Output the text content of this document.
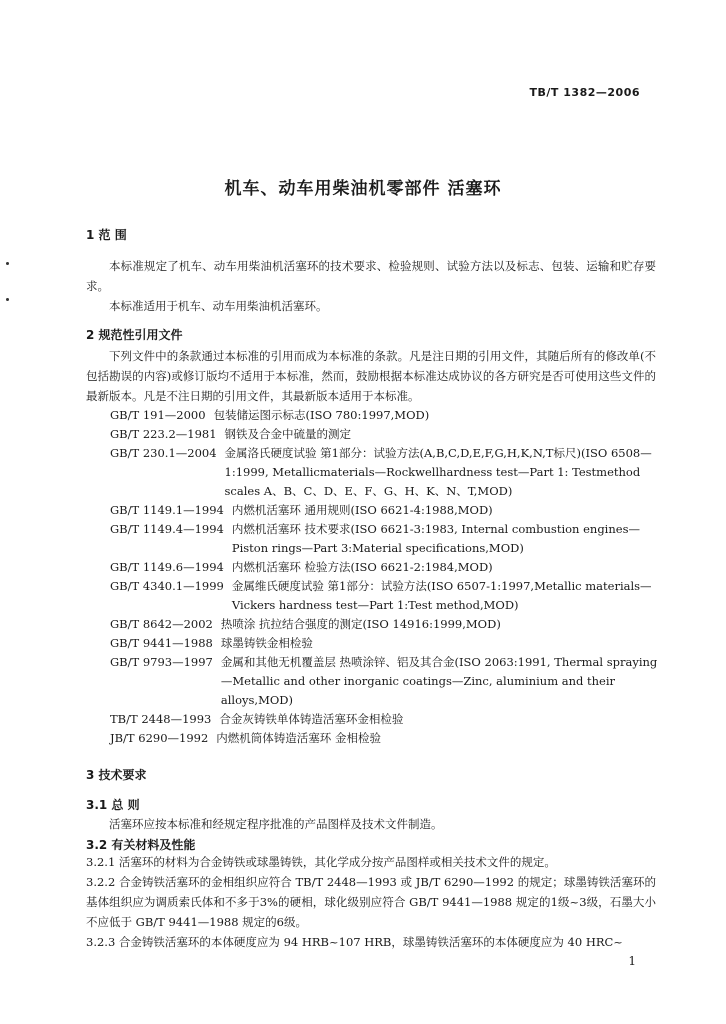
TB/T 1382—2006
机车、动车用柴油机零部件 活塞环
1 范 围
本标准规定了机车、动车用柴油机活塞环的技术要求、检验规则、试验方法以及标志、包装、运输和贮存要求。
本标准适用于机车、动车用柴油机活塞环。
2 规范性引用文件
下列文件中的条款通过本标准的引用而成为本标准的条款。凡是注日期的引用文件，其随后所有的修改单(不包括勘误的内容)或修订版均不适用于本标准，然而，鼓励根据本标准达成协议的各方研究是否可使用这些文件的最新版本。凡是不注日期的引用文件，其最新版本适用于本标准。
GB/T 191—2000 包装储运图示标志(ISO 780:1997,MOD)
GB/T 223.2—1981 钢铁及合金中硫量的测定
GB/T 230.1—2004 金属洛氏硬度试验 第1部分：试验方法(A,B,C,D,E,F,G,H,K,N,T标尺)(ISO 6508—1:1999, Metallicmaterials—Rockwellhardness test—Part 1: Testmethod scales A、B、C、D、E、F、G、H、K、N、T,MOD)
GB/T 1149.1—1994 内燃机活塞环 通用规则(ISO 6621-4:1988,MOD)
GB/T 1149.4—1994 内燃机活塞环 技术要求(ISO 6621-3:1983, Internal combustion engines—Piston rings—Part 3:Material specifications,MOD)
GB/T 1149.6—1994 内燃机活塞环 检验方法(ISO 6621-2:1984,MOD)
GB/T 4340.1—1999 金属维氏硬度试验 第1部分：试验方法(ISO 6507-1:1997,Metallic materials—Vickers hardness test—Part 1:Test method,MOD)
GB/T 8642—2002 热喷涂 抗拉结合强度的测定(ISO 14916:1999,MOD)
GB/T 9441—1988 球墨铸铁金相检验
GB/T 9793—1997 金属和其他无机覆盖层 热喷涂锌、铝及其合金(ISO 2063:1991, Thermal spraying—Metallic and other inorganic coatings—Zinc, aluminium and their alloys,MOD)
TB/T 2448—1993 合金灰铸铁单体铸造活塞环金相检验
JB/T 6290—1992 内燃机筒体铸造活塞环 金相检验
3 技术要求
3.1 总 则
活塞环应按本标准和经规定程序批准的产品图样及技术文件制造。
3.2 有关材料及性能
3.2.1 活塞环的材料为合金铸铁或球墨铸铁，其化学成分按产品图样或相关技术文件的规定。
3.2.2 合金铸铁活塞环的金相组织应符合 TB/T 2448—1993 或 JB/T 6290—1992 的规定；球墨铸铁活塞环的基体组织应为调质索氏体和不多于3%的硬相，球化级别应符合 GB/T 9441—1988 规定的1级~3级，石墨大小不应低于 GB/T 9441—1988 规定的6级。
3.2.3 合金铸铁活塞环的本体硬度应为 94 HRB~107 HRB，球墨铸铁活塞环的本体硬度应为 40 HRC~
1
